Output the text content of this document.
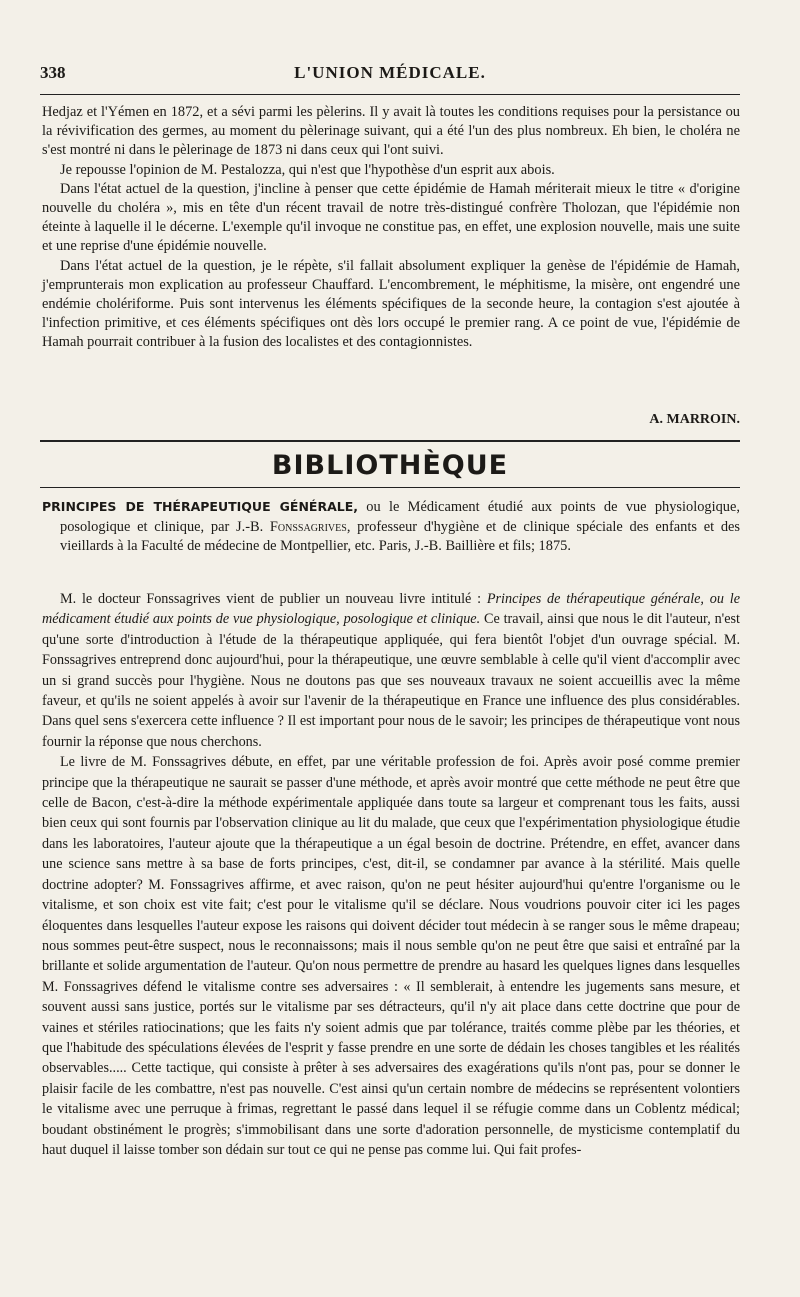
338	L'UNION MÉDICALE.

Hedjaz et l'Yémen en 1872, et a sévi parmi les pèlerins. Il y avait là toutes les conditions requises pour la persistance ou la révivification des germes, au moment du pèlerinage suivant, qui a été l'un des plus nombreux. Eh bien, le choléra ne s'est montré ni dans le pèlerinage de 1873 ni dans ceux qui l'ont suivi.

Je repousse l'opinion de M. Pestalozza, qui n'est que l'hypothèse d'un esprit aux abois.

Dans l'état actuel de la question, j'incline à penser que cette épidémie de Hamah mériterait mieux le titre « d'origine nouvelle du choléra », mis en tête d'un récent travail de notre très-distingué confrère Tholozan, que l'épidémie non éteinte à laquelle il le décerne. L'exemple qu'il invoque ne constitue pas, en effet, une explosion nouvelle, mais une suite et une reprise d'une épidémie nouvelle.

Dans l'état actuel de la question, je le répète, s'il fallait absolument expliquer la genèse de l'épidémie de Hamah, j'emprunterais mon explication au professeur Chauffard. L'encombrement, le méphitisme, la misère, ont engendré une endémie cholériforme. Puis sont intervenus les éléments spécifiques de la seconde heure, la contagion s'est ajoutée à l'infection primitive, et ces éléments spécifiques ont dès lors occupé le premier rang. A ce point de vue, l'épidémie de Hamah pourrait contribuer à la fusion des localistes et des contagionnistes.

A. MARROIN.
BIBLIOTHÈQUE
PRINCIPES DE THÉRAPEUTIQUE GÉNÉRALE, ou le Médicament étudié aux points de vue physiologique, posologique et clinique, par J.-B. Fonssagrives, professeur d'hygiène et de clinique spéciale des enfants et des vieillards à la Faculté de médecine de Montpellier, etc. Paris, J.-B. Baillière et fils; 1875.

M. le docteur Fonssagrives vient de publier un nouveau livre intitulé : Principes de thérapeutique générale, ou le médicament étudié aux points de vue physiologique, posologique et clinique. Ce travail, ainsi que nous le dit l'auteur, n'est qu'une sorte d'introduction à l'étude de la thérapeutique appliquée, qui fera bientôt l'objet d'un ouvrage spécial. M. Fonssagrives entreprend donc aujourd'hui, pour la thérapeutique, une œuvre semblable à celle qu'il vient d'accomplir avec un si grand succès pour l'hygiène. Nous ne doutons pas que ses nouveaux travaux ne soient accueillis avec la même faveur, et qu'ils ne soient appelés à avoir sur l'avenir de la thérapeutique en France une influence des plus considérables. Dans quel sens s'exercera cette influence ? Il est important pour nous de le savoir; les principes de thérapeutique vont nous fournir la réponse que nous cherchons.

Le livre de M. Fonssagrives débute, en effet, par une véritable profession de foi. Après avoir posé comme premier principe que la thérapeutique ne saurait se passer d'une méthode, et après avoir montré que cette méthode ne peut être que celle de Bacon, c'est-à-dire la méthode expérimentale appliquée dans toute sa largeur et comprenant tous les faits, aussi bien ceux qui sont fournis par l'observation clinique au lit du malade, que ceux que l'expérimentation physiologique étudie dans les laboratoires, l'auteur ajoute que la thérapeutique a un égal besoin de doctrine. Prétendre, en effet, avancer dans une science sans mettre à sa base de forts principes, c'est, dit-il, se condamner par avance à la stérilité. Mais quelle doctrine adopter? M. Fonssagrives affirme, et avec raison, qu'on ne peut hésiter aujourd'hui qu'entre l'organisme ou le vitalisme, et son choix est vite fait; c'est pour le vitalisme qu'il se déclare. Nous voudrions pouvoir citer ici les pages éloquentes dans lesquelles l'auteur expose les raisons qui doivent décider tout médecin à se ranger sous le même drapeau; nous sommes peut-être suspect, nous le reconnaissons; mais il nous semble qu'on ne peut être que saisi et entraîné par la brillante et solide argumentation de l'auteur. Qu'on nous permettre de prendre au hasard les quelques lignes dans lesquelles M. Fonssagrives défend le vitalisme contre ses adversaires : « Il semblerait, à entendre les jugements sans mesure, et souvent aussi sans justice, portés sur le vitalisme par ses détracteurs, qu'il n'y ait place dans cette doctrine que pour de vaines et stériles ratiocinations; que les faits n'y soient admis que par tolérance, traités comme plèbe par les théories, et que l'habitude des spéculations élevées de l'esprit y fasse prendre en une sorte de dédain les choses tangibles et les réalités observables..... Cette tactique, qui consiste à prêter à ses adversaires des exagérations qu'ils n'ont pas, pour se donner le plaisir facile de les combattre, n'est pas nouvelle. C'est ainsi qu'un certain nombre de médecins se représentent volontiers le vitalisme avec une perruque à frimas, regrettant le passé dans lequel il se réfugie comme dans un Coblentz médical; boudant obstinément le progrès; s'immobilisant dans une sorte d'adoration personnelle, de mysticisme contemplatif du haut duquel il laisse tomber son dédain sur tout ce qui ne pense pas comme lui. Qui fait profes-
